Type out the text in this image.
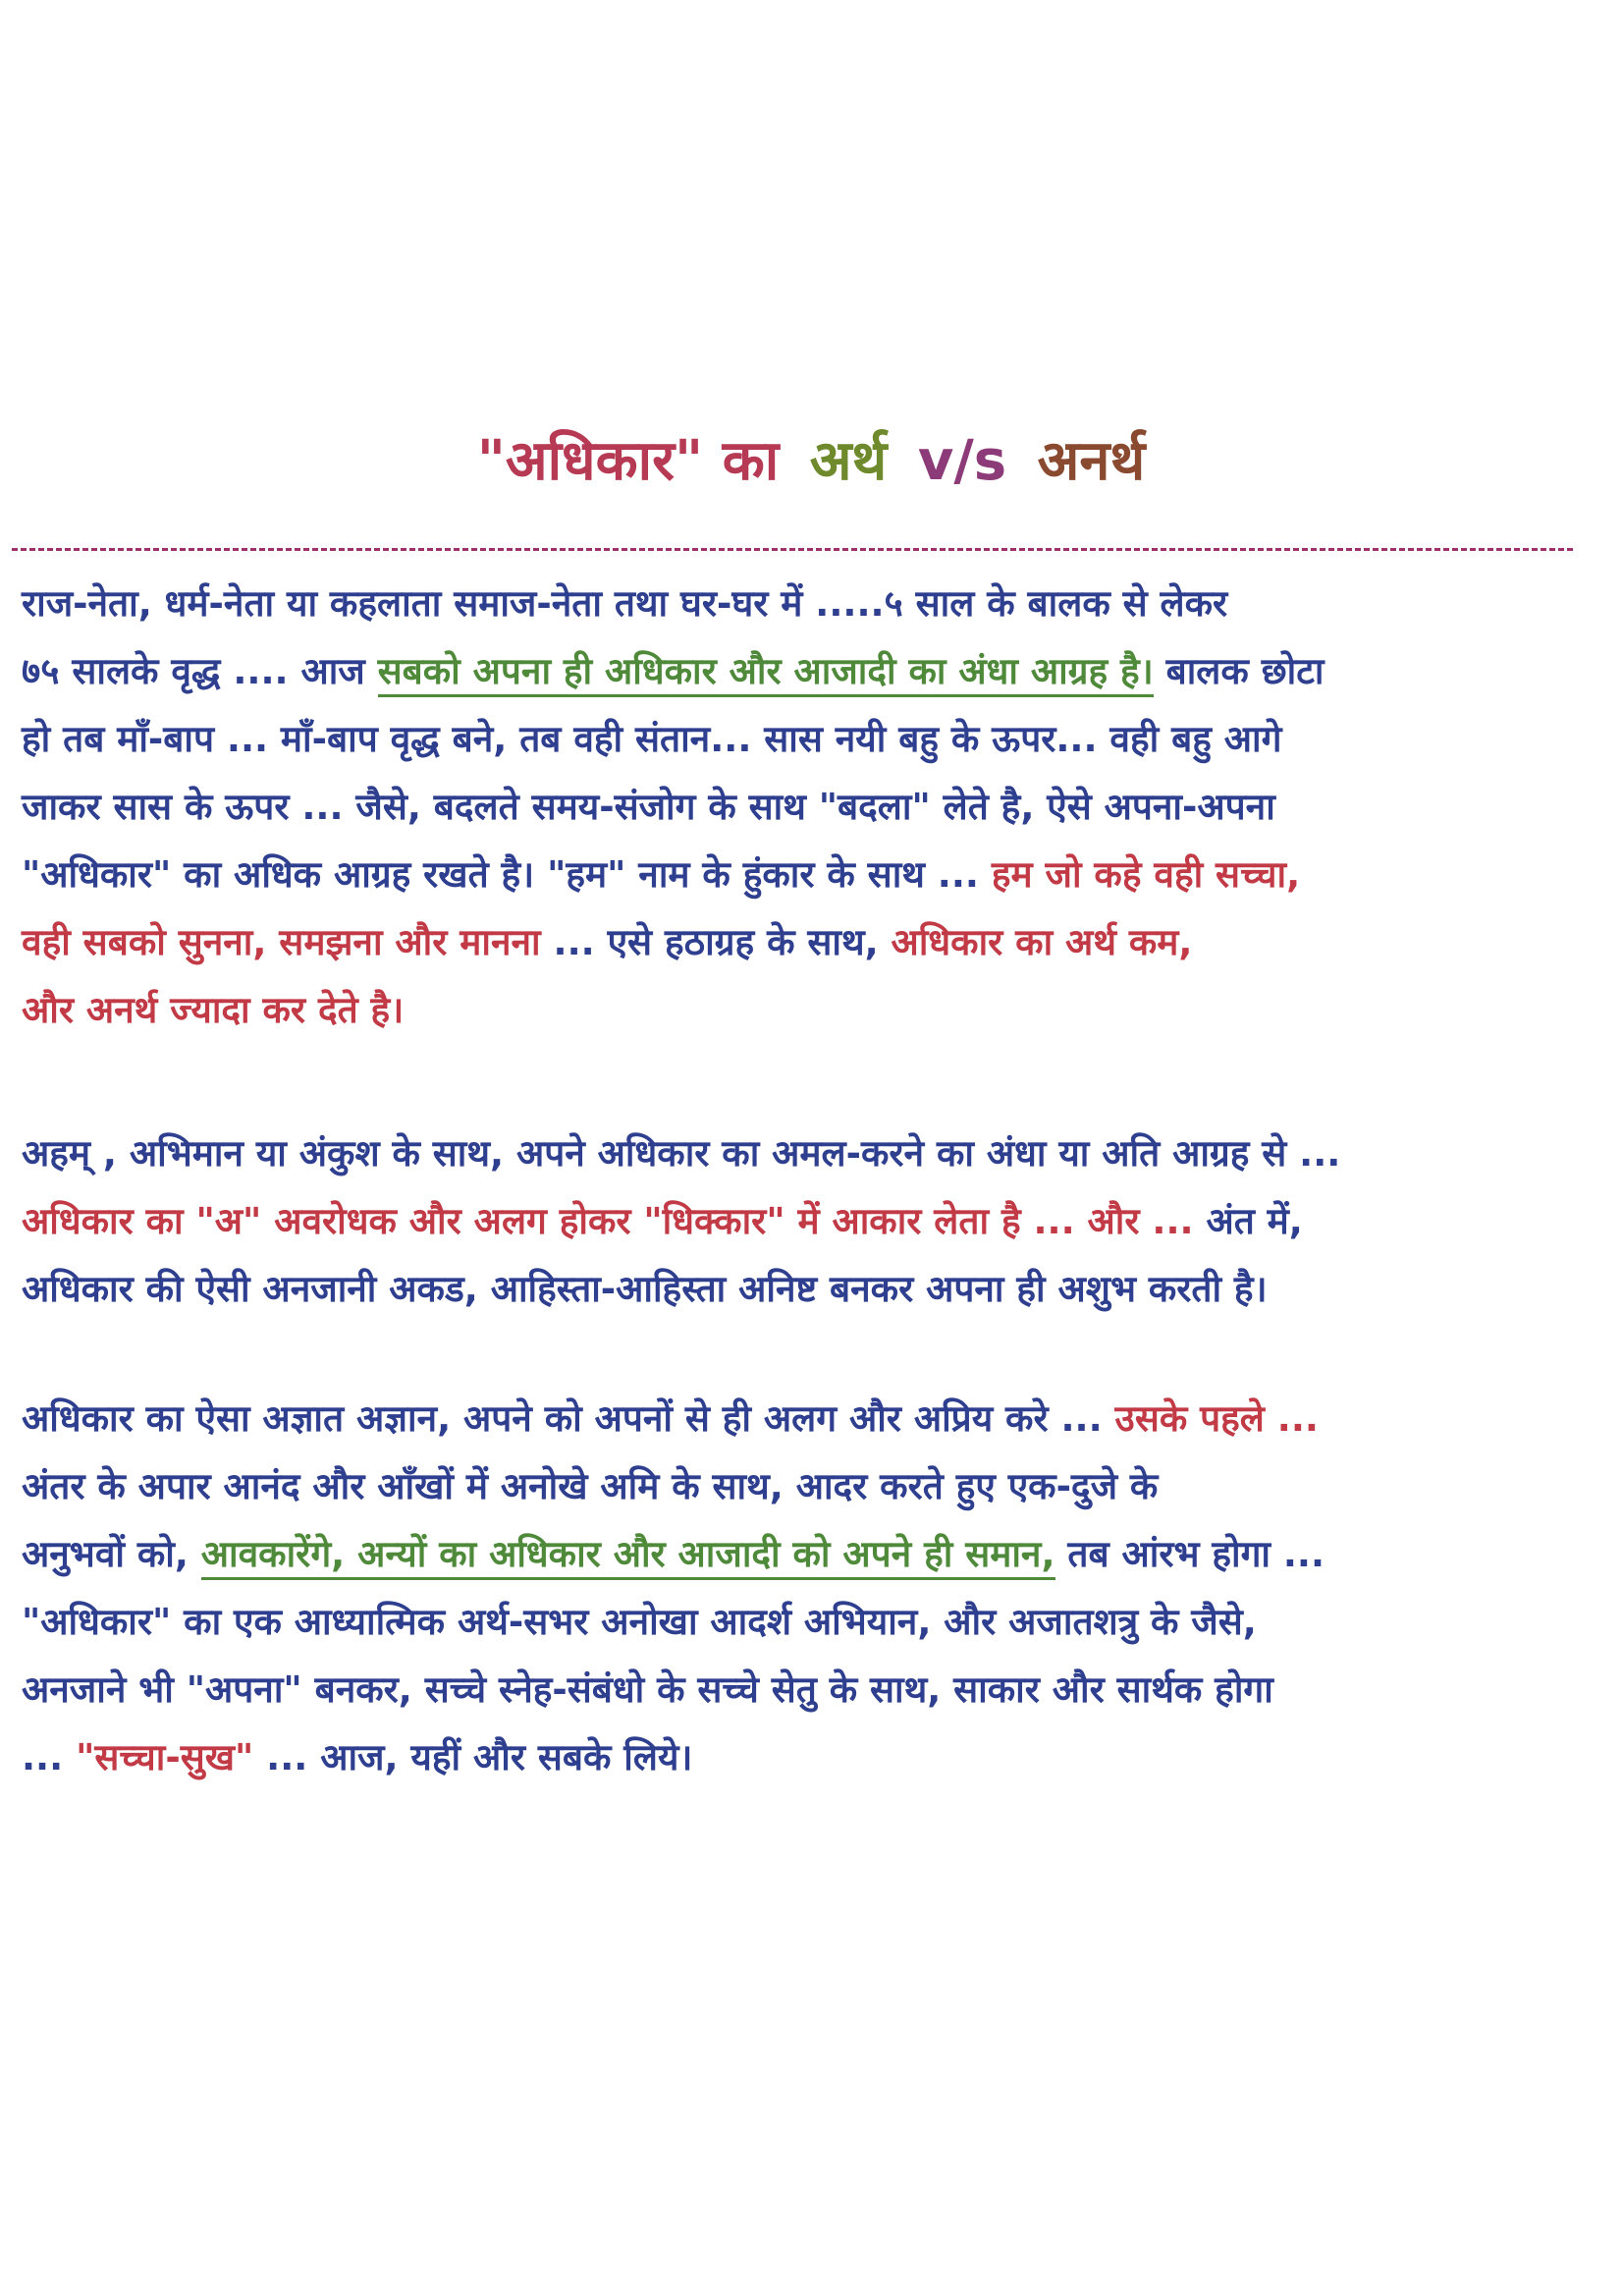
"अधिकार" का अर्थ v/s अनर्थ
राज-नेता, धर्म-नेता या कहलाता समाज-नेता तथा घर-घर में .....५ साल के बालक से लेकर
७५ सालके वृद्ध .... आज सबको अपना ही अधिकार और आजादी का अंधा आग्रह है। बालक छोटा
हो तब माँ-बाप ... माँ-बाप वृद्ध बने, तब वही संतान... सास नयी बहु के ऊपर... वही बहु आगे
जाकर सास के ऊपर ... जैसे, बदलते समय-संजोग के साथ "बदला" लेते है, ऐसे अपना-अपना
"अधिकार" का अधिक आग्रह रखते है। "हम" नाम के हुंकार के साथ ... हम जो कहे वही सच्चा,
वही सबको सुनना, समझना और मानना ... एसे हठाग्रह के साथ, अधिकार का अर्थ कम,
और अनर्थ ज्यादा कर देते है।
अहम् , अभिमान या अंकुश के साथ, अपने अधिकार का अमल-करने का अंधा या अति आग्रह से ...
अधिकार का "अ" अवरोधक और अलग होकर "धिक्कार" में आकार लेता है ... और ... अंत में,
अधिकार की ऐसी अनजानी अकड, आहिस्ता-आहिस्ता अनिष्ट बनकर अपना ही अशुभ करती है।
अधिकार का ऐसा अज्ञात अज्ञान, अपने को अपनों से ही अलग और अप्रिय करे ... उसके पहले ...
अंतर के अपार आनंद और आँखों में अनोखे अमि के साथ, आदर करते हुए एक-दुजे के
अनुभवों को, आवकारेंगे, अन्यों का अधिकार और आजादी को अपने ही समान, तब आंरभ होगा ...
"अधिकार" का एक आध्यात्मिक अर्थ-सभर अनोखा आदर्श अभियान, और अजातशत्रु के जैसे,
अनजाने भी "अपना" बनकर, सच्चे स्नेह-संबंधो के सच्चे सेतु के साथ, साकार और सार्थक होगा
... "सच्चा-सुख" ... आज, यहीं और सबके लिये।
